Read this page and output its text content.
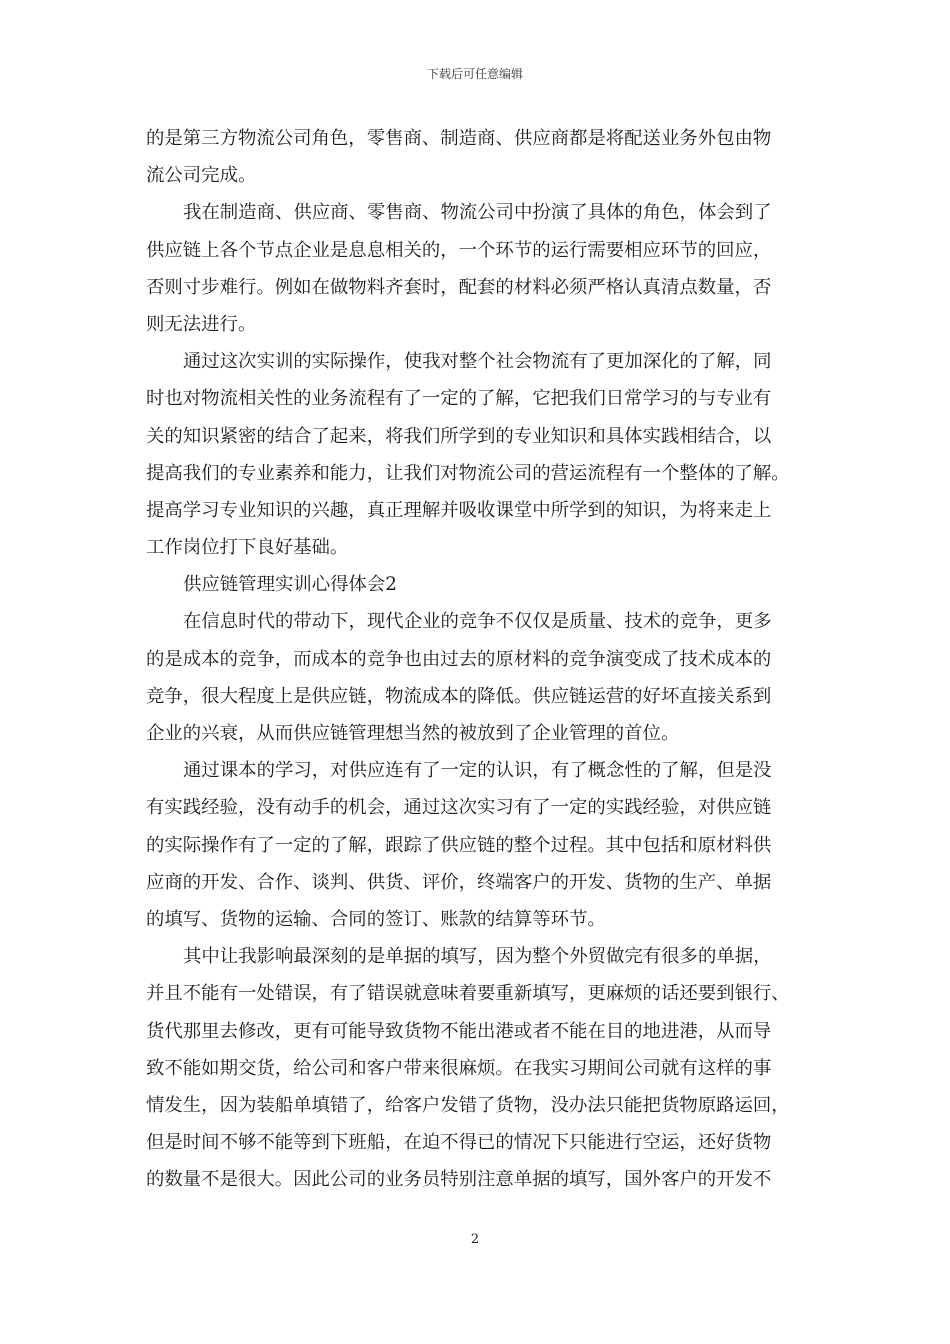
下载后可任意编辑
的是第三方物流公司角色，零售商、制造商、供应商都是将配送业务外包由物
流公司完成。
我在制造商、供应商、零售商、物流公司中扮演了具体的角色，体会到了
供应链上各个节点企业是息息相关的，一个环节的运行需要相应环节的回应，
否则寸步难行。例如在做物料齐套时，配套的材料必须严格认真清点数量，否
则无法进行。
通过这次实训的实际操作，使我对整个社会物流有了更加深化的了解，同
时也对物流相关性的业务流程有了一定的了解，它把我们日常学习的与专业有
关的知识紧密的结合了起来，将我们所学到的专业知识和具体实践相结合，以
提高我们的专业素养和能力，让我们对物流公司的营运流程有一个整体的了解。
提高学习专业知识的兴趣，真正理解并吸收课堂中所学到的知识，为将来走上
工作岗位打下良好基础。
供应链管理实训心得体会2
在信息时代的带动下，现代企业的竞争不仅仅是质量、技术的竞争，更多
的是成本的竞争，而成本的竞争也由过去的原材料的竞争演变成了技术成本的
竞争，很大程度上是供应链，物流成本的降低。供应链运营的好坏直接关系到
企业的兴衰，从而供应链管理想当然的被放到了企业管理的首位。
通过课本的学习，对供应连有了一定的认识，有了概念性的了解，但是没
有实践经验，没有动手的机会，通过这次实习有了一定的实践经验，对供应链
的实际操作有了一定的了解，跟踪了供应链的整个过程。其中包括和原材料供
应商的开发、合作、谈判、供货、评价，终端客户的开发、货物的生产、单据
的填写、货物的运输、合同的签订、账款的结算等环节。
其中让我影响最深刻的是单据的填写，因为整个外贸做完有很多的单据，
并且不能有一处错误，有了错误就意味着要重新填写，更麻烦的话还要到银行、
货代那里去修改，更有可能导致货物不能出港或者不能在目的地进港，从而导
致不能如期交货，给公司和客户带来很麻烦。在我实习期间公司就有这样的事
情发生，因为装船单填错了，给客户发错了货物，没办法只能把货物原路运回，
但是时间不够不能等到下班船，在迫不得已的情况下只能进行空运，还好货物
的数量不是很大。因此公司的业务员特别注意单据的填写，国外客户的开发不
2
